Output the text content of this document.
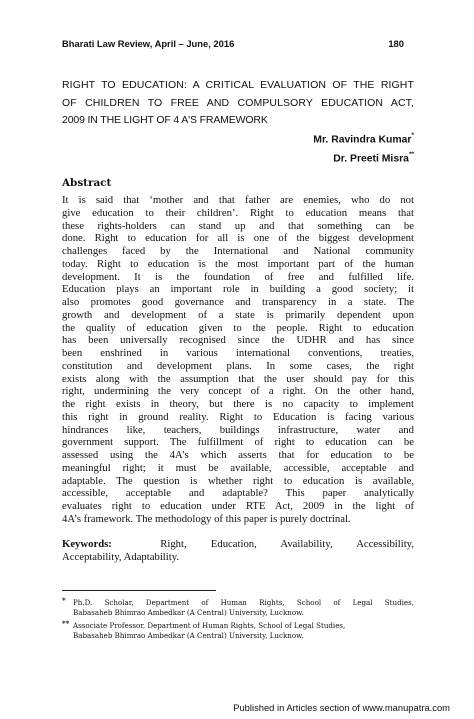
Bharati Law Review, April – June, 2016	180
RIGHT TO EDUCATION: A CRITICAL EVALUATION OF THE RIGHT
OF CHILDREN TO FREE AND COMPULSORY EDUCATION ACT,
2009 IN THE LIGHT OF 4 A'S FRAMEWORK
Mr. Ravindra Kumar*
Dr. Preeti Misra**
Abstract
It is said that ‘mother and that father are enemies, who do not
give education to their children’. Right to education means that
these rights-holders can stand up and that something can be
done. Right to education for all is one of the biggest development
challenges faced by the International and National community
today. Right to education is the most important part of the human
development. It is the foundation of free and fulfilled life.
Education plays an important role in building a good society; it
also promotes good governance and transparency in a state. The
growth and development of a state is primarily dependent upon
the quality of education given to the people. Right to education
has been universally recognised since the UDHR and has since
been enshrined in various international conventions, treaties,
constitution and development plans. In some cases, the right
exists along with the assumption that the user should pay for this
right, undermining the very concept of a right. On the other hand,
the right exists in theory, but there is no capacity to implement
this right in ground reality. Right to Education is facing various
hindrances like, teachers, buildings infrastructure, water and
government support. The fulfillment of right to education can be
assessed using the 4A’s which asserts that for education to be
meaningful right; it must be available, accessible, acceptable and
adaptable. The question is whether right to education is available,
accessible, acceptable and adaptable? This paper analytically
evaluates right to education under RTE Act, 2009 in the light of
4A’s framework. The methodology of this paper is purely doctrinal.
Keywords:	Right, Education, Availability, Accessibility,
Acceptability, Adaptability.
* Ph.D. Scholar, Department of Human Rights, School of Legal Studies,
Babasaheb Bhimrao Ambedkar (A Central) University, Lucknow.
** Associate Professor, Department of Human Rights, School of Legal Studies,
Babasaheb Bhimrao Ambedkar (A Central) University, Lucknow.
Published in Articles section of www.manupatra.com
